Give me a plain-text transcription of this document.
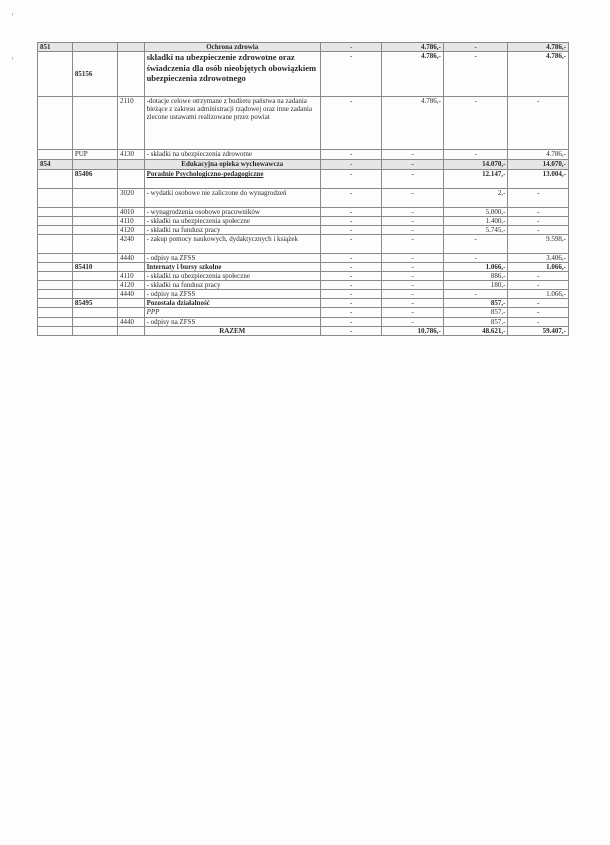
'
'
851			Ochrona zdrowia	-	4.786,-	-	4.786,-
	85156		składki na ubezpieczenie zdrowotne oraz świadczenia dla osób nieobjętych obowiązkiem ubezpieczenia zdrowotnego	-	4.786,-	-	4.786,-
		2110	-dotacje celowe otrzymane z budżetu państwa na zadania bieżące z zakresu administracji rządowej oraz inne zadania zlecone ustawami realizowane przez powiat	-	4.786,-	-	-
	PUP	4130	- składki na ubezpieczenia zdrowotne	-	-	-	4.786,-
854			Edukacyjna opieka wychowawcza	-	-	14.070,-	14.070,-
	85406		Poradnie Psychologiczno-pedagogiczne	-	-	12.147,-	13.004,-
		3020	- wydatki osobowe nie zaliczone do wynagrodzeń	-	-	2,-	-
		4010	- wynagrodzenia osobowe pracowników	-	-	5.000,-	-
		4110	- składki na ubezpieczenia społeczne	-	-	1.400,-	-
		4120	- składki na fundusz pracy	-	-	5.745,-	-
		4240	- zakup pomocy naukowych, dydaktycznych i książek	-	-	-	9.598,-
		4440	- odpisy na ZFSS	-	-	-	3.406,-
	85410		Internaty i bursy szkolne	-	-	1.066,-	1.066,-
		4110	- składki na ubezpieczenia społeczne	-	-	886,-	-
		4120	- składki na fundusz pracy	-	-	180,-	-
		4440	- odpisy na ZFSS	-	-	-	1.066,-
	85495		Pozostała działalność	-	-	857,-	-
			PPP	-	-	857,-	-
		4440	- odpisy na ZFSS	-	-	857,-	-
			RAZEM	-	10.786,-	48.621,-	59.407,-
